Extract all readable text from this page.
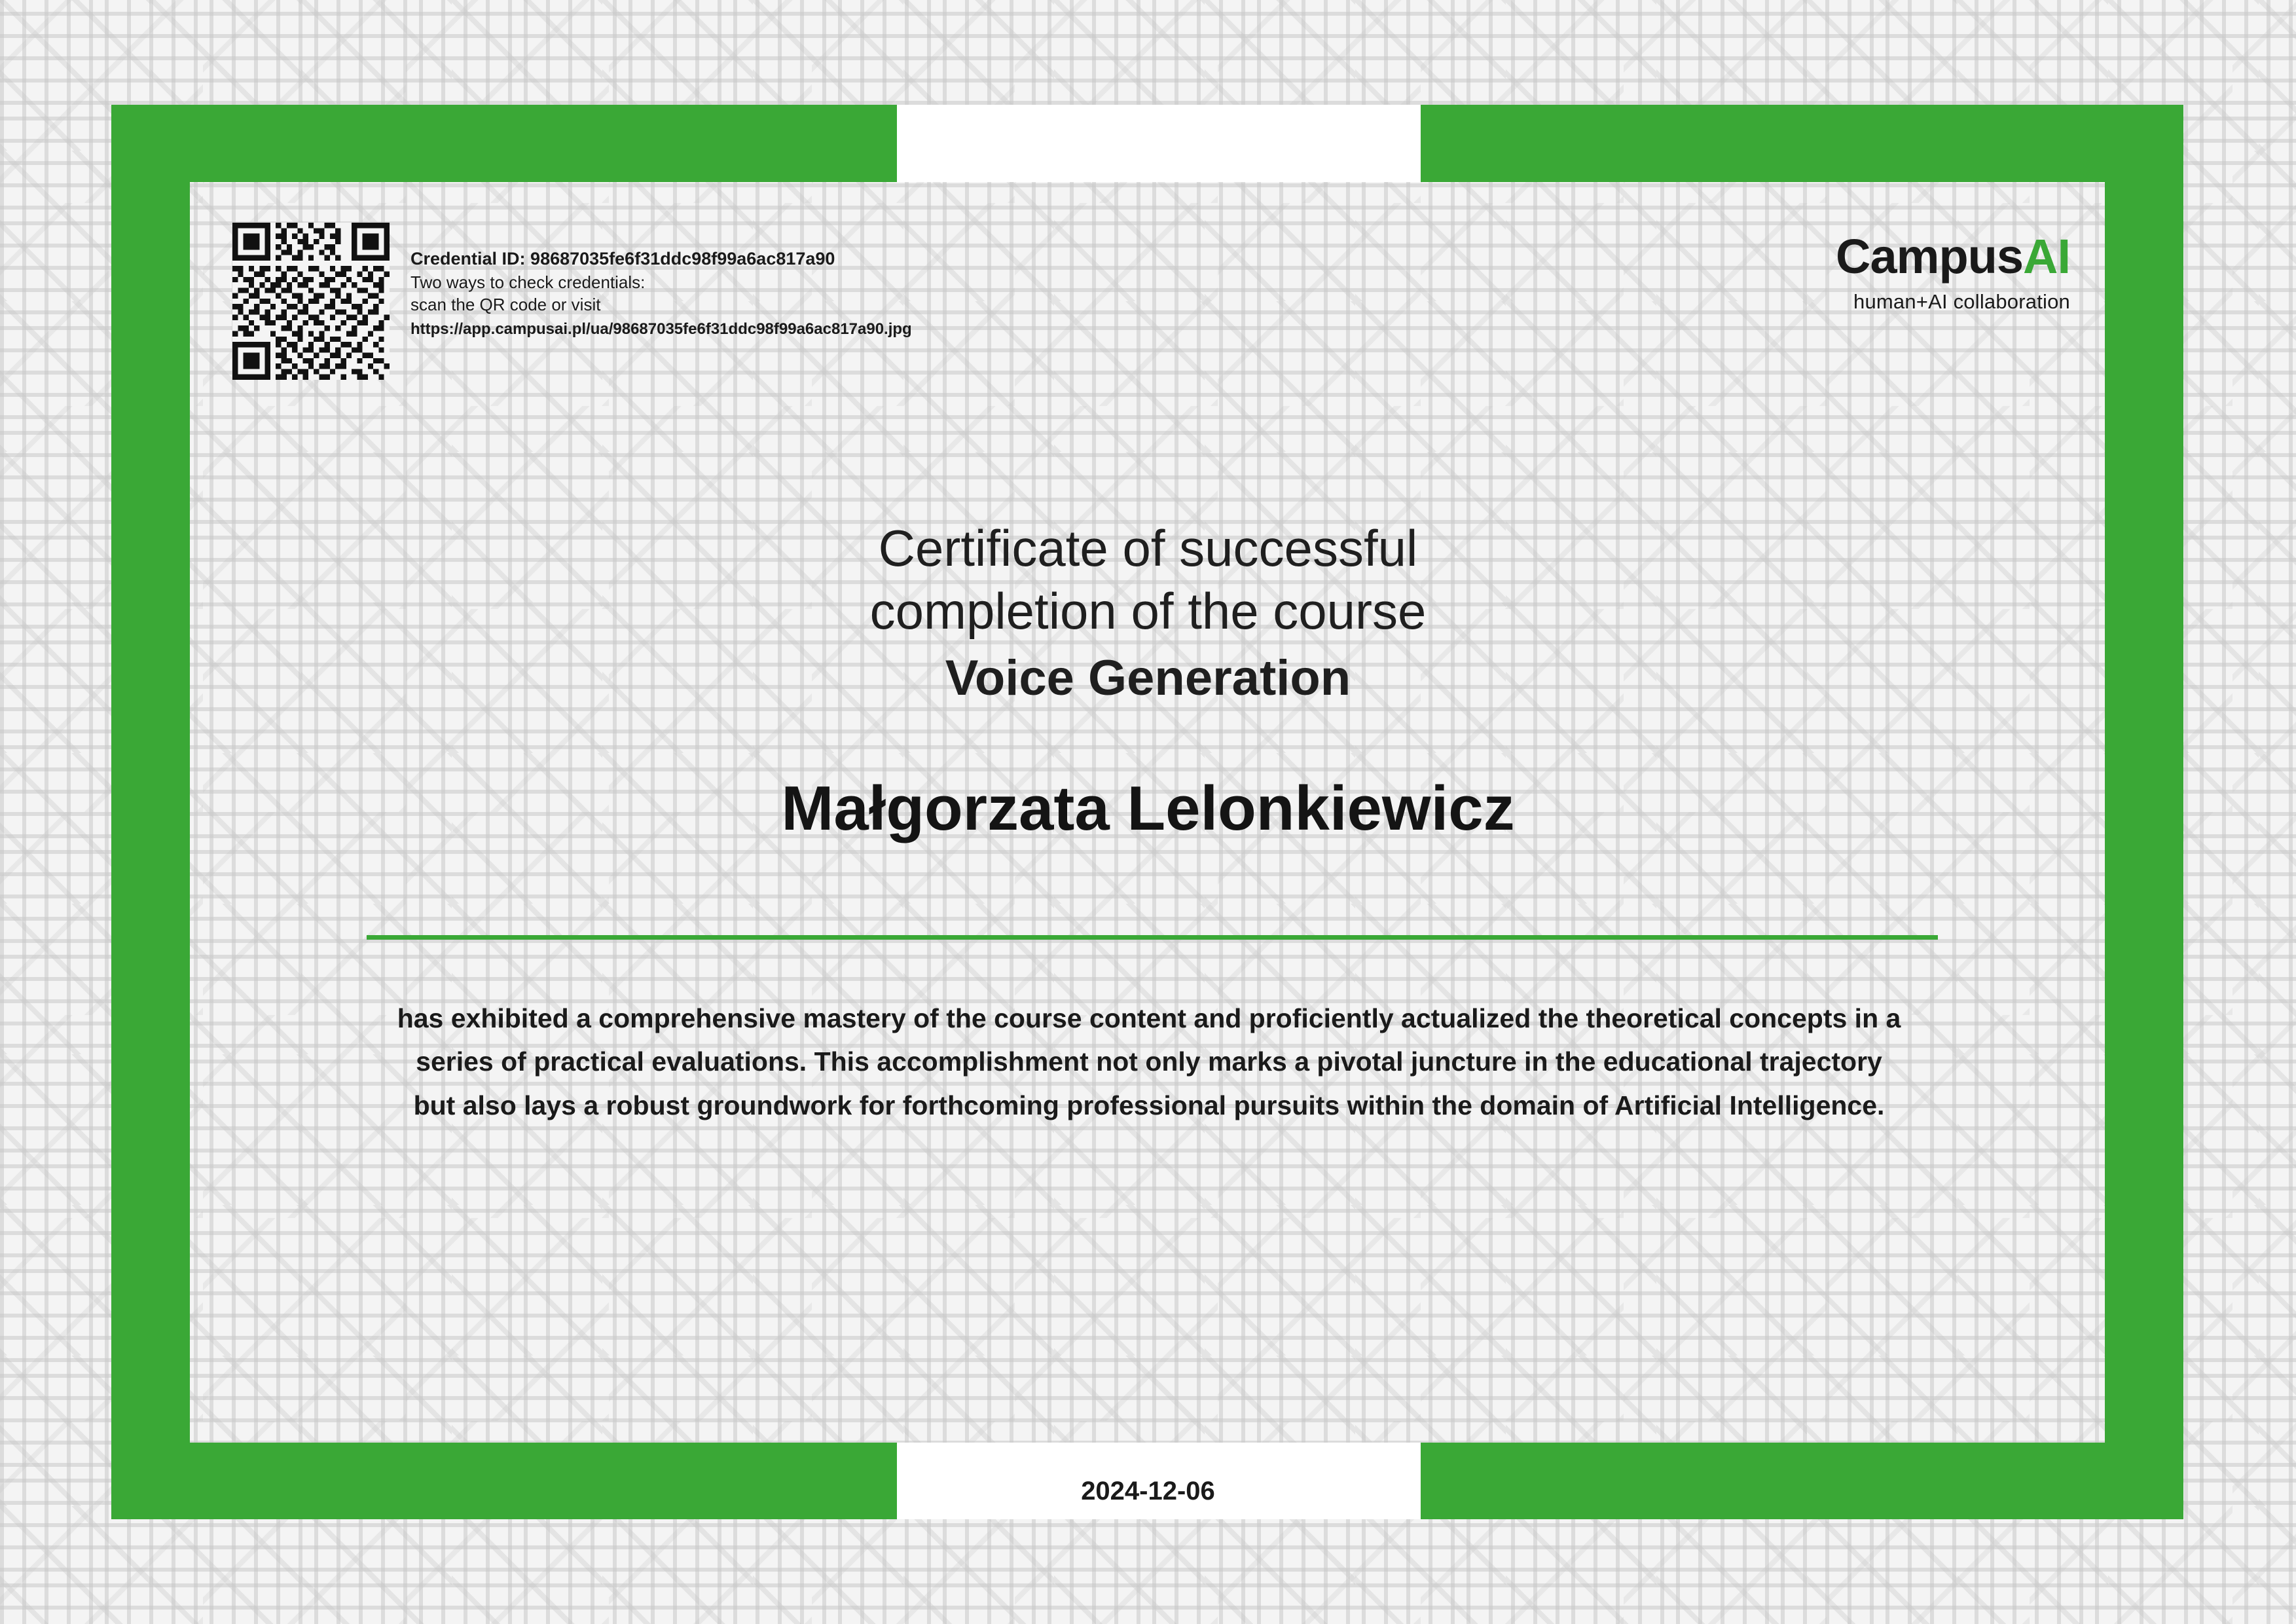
Credential ID: 98687035fe6f31ddc98f99a6ac817a90
Two ways to check credentials:
scan the QR code or visit
https://app.campusai.pl/ua/98687035fe6f31ddc98f99a6ac817a90.jpg
CampusAI
human+AI collaboration
Certificate of successful
completion of the course
Voice Generation
Małgorzata Lelonkiewicz
has exhibited a comprehensive mastery of the course content and proficiently actualized the theoretical concepts in a series of practical evaluations. This accomplishment not only marks a pivotal juncture in the educational trajectory but also lays a robust groundwork for forthcoming professional pursuits within the domain of Artificial Intelligence.
2024-12-06
